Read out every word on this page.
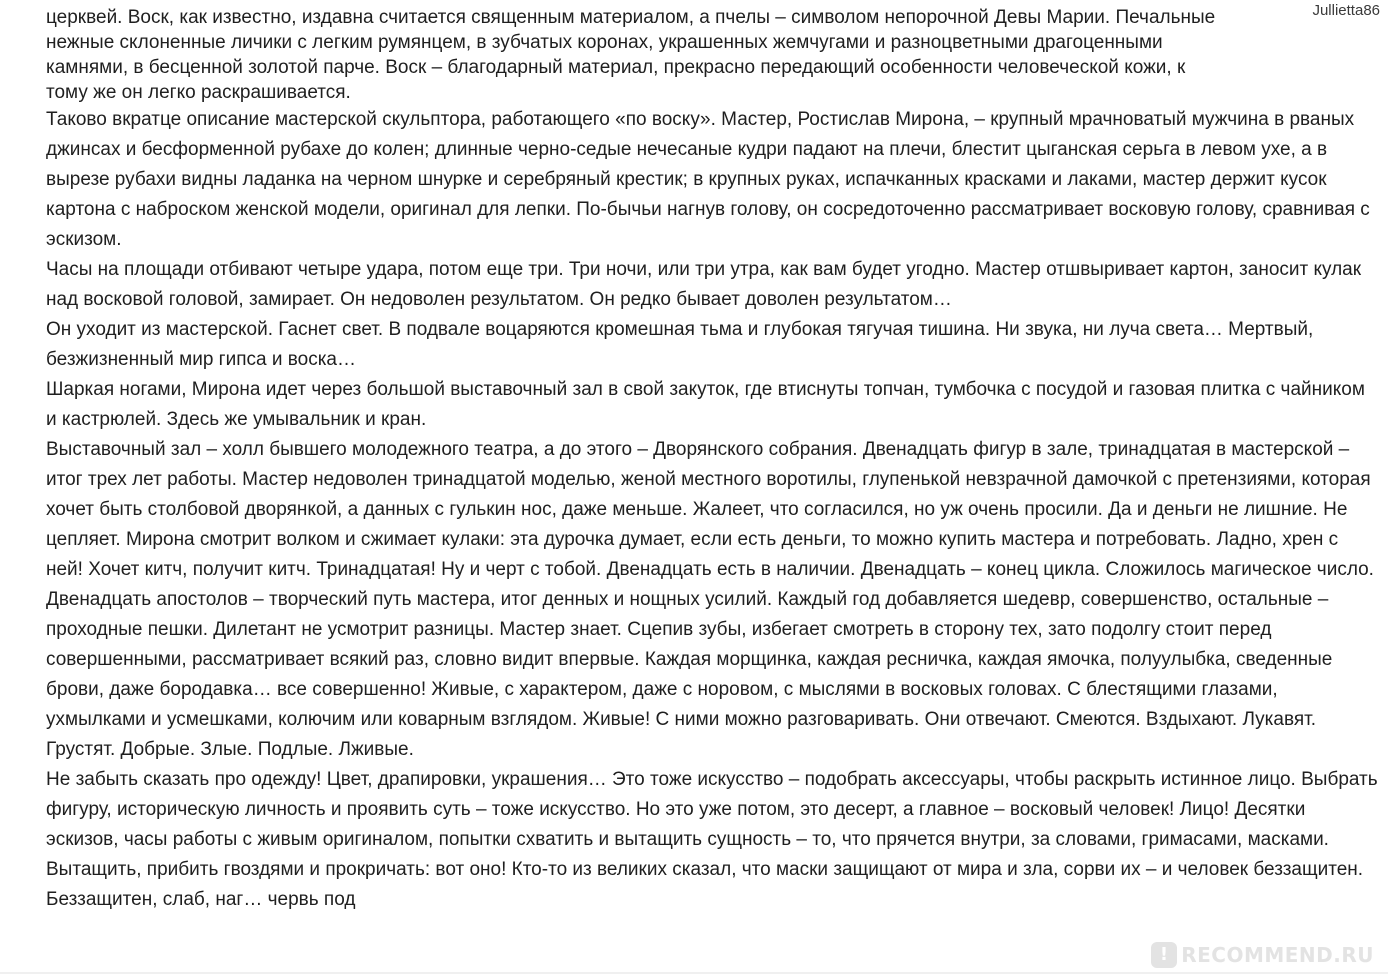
Jullietta86

церквей. Воск, как известно, издавна считается священным материалом, а пчелы – символом непорочной Девы Марии. Печальные
нежные склоненные личики с легким румянцем, в зубчатых коронах, украшенных жемчугами и разноцветными драгоценными
камнями, в бесценной золотой парче. Воск – благодарный материал, прекрасно передающий особенности человеческой кожи, к
тому же он легко раскрашивается.

Таково вкратце описание мастерской скульптора, работающего «по воску». Мастер, Ростислав Мирона, – крупный мрачноватый мужчина в рваных джинсах и бесформенной рубахе до колен; длинные черно-седые нечесаные кудри падают на плечи, блестит цыганская серьга в левом ухе, а в вырезе рубахи видны ладанка на черном шнурке и серебряный крестик; в крупных руках, испачканных красками и лаками, мастер держит кусок картона с наброском женской модели, оригинал для лепки. По-бычьи нагнув голову, он сосредоточенно рассматривает восковую голову, сравнивая с эскизом.

Часы на площади отбивают четыре удара, потом еще три. Три ночи, или три утра, как вам будет угодно. Мастер отшвыривает картон, заносит кулак над восковой головой, замирает. Он недоволен результатом. Он редко бывает доволен результатом…

Он уходит из мастерской. Гаснет свет. В подвале воцаряются кромешная тьма и глубокая тягучая тишина. Ни звука, ни луча света… Мертвый, безжизненный мир гипса и воска…

Шаркая ногами, Мирона идет через большой выставочный зал в свой закуток, где втиснуты топчан, тумбочка с посудой и газовая плитка с чайником и кастрюлей. Здесь же умывальник и кран.

Выставочный зал – холл бывшего молодежного театра, а до этого – Дворянского собрания. Двенадцать фигур в зале, тринадцатая в мастерской – итог трех лет работы. Мастер недоволен тринадцатой моделью, женой местного воротилы, глупенькой невзрачной дамочкой с претензиями, которая хочет быть столбовой дворянкой, а данных с гулькин нос, даже меньше. Жалеет, что согласился, но уж очень просили. Да и деньги не лишние. Не цепляет. Мирона смотрит волком и сжимает кулаки: эта дурочка думает, если есть деньги, то можно купить мастера и потребовать. Ладно, хрен с ней! Хочет китч, получит китч. Тринадцатая! Ну и черт с тобой. Двенадцать есть в наличии. Двенадцать – конец цикла. Сложилось магическое число. Двенадцать апостолов – творческий путь мастера, итог денных и нощных усилий. Каждый год добавляется шедевр, совершенство, остальные – проходные пешки. Дилетант не усмотрит разницы. Мастер знает. Сцепив зубы, избегает смотреть в сторону тех, зато подолгу стоит перед совершенными, рассматривает всякий раз, словно видит впервые. Каждая морщинка, каждая ресничка, каждая ямочка, полуулыбка, сведенные брови, даже бородавка… все совершенно! Живые, с характером, даже с норовом, с мыслями в восковых головах. С блестящими глазами, ухмылками и усмешками, колючим или коварным взглядом. Живые! С ними можно разговаривать. Они отвечают. Смеются. Вздыхают. Лукавят. Грустят. Добрые. Злые. Подлые. Лживые.

Не забыть сказать про одежду! Цвет, драпировки, украшения… Это тоже искусство – подобрать аксессуары, чтобы раскрыть истинное лицо. Выбрать фигуру, историческую личность и проявить суть – тоже искусство. Но это уже потом, это десерт, а главное – восковый человек! Лицо! Десятки эскизов, часы работы с живым оригиналом, попытки схватить и вытащить сущность – то, что прячется внутри, за словами, гримасами, масками. Вытащить, прибить гвоздями и прокричать: вот оно! Кто-то из великих сказал, что маски защищают от мира и зла, сорви их – и человек беззащитен. Беззащитен, слаб, наг… червь под

! RECOMMEND.RU
